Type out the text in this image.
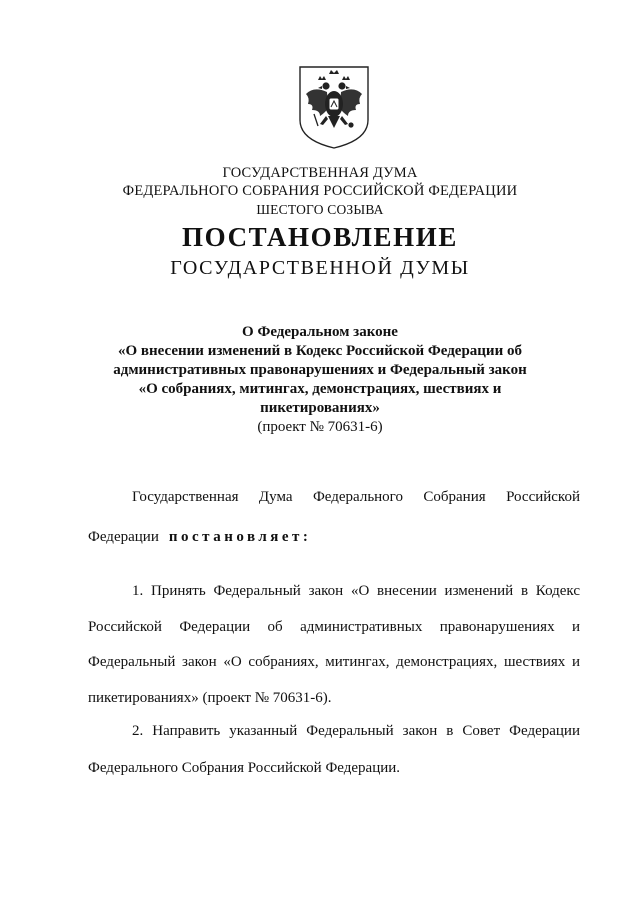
ГОСУДАРСТВЕННАЯ ДУМА
ФЕДЕРАЛЬНОГО СОБРАНИЯ РОССИЙСКОЙ ФЕДЕРАЦИИ
ШЕСТОГО СОЗЫВА
ПОСТАНОВЛЕНИЕ
ГОСУДАРСТВЕННОЙ ДУМЫ
О Федеральном законе
«О внесении изменений в Кодекс Российской Федерации об
административных правонарушениях и Федеральный закон
«О собраниях, митингах, демонстрациях, шествиях и
пикетированиях»
(проект № 70631-6)
Государственная Дума Федерального Собрания Российской
Федерации постановляет:
1. Принять Федеральный закон «О внесении изменений в Кодекс
Российской Федерации об административных правонарушениях и
Федеральный закон «О собраниях, митингах, демонстрациях, шествиях и
пикетированиях» (проект № 70631-6).
2. Направить указанный Федеральный закон в Совет Федерации
Федерального Собрания Российской Федерации.
